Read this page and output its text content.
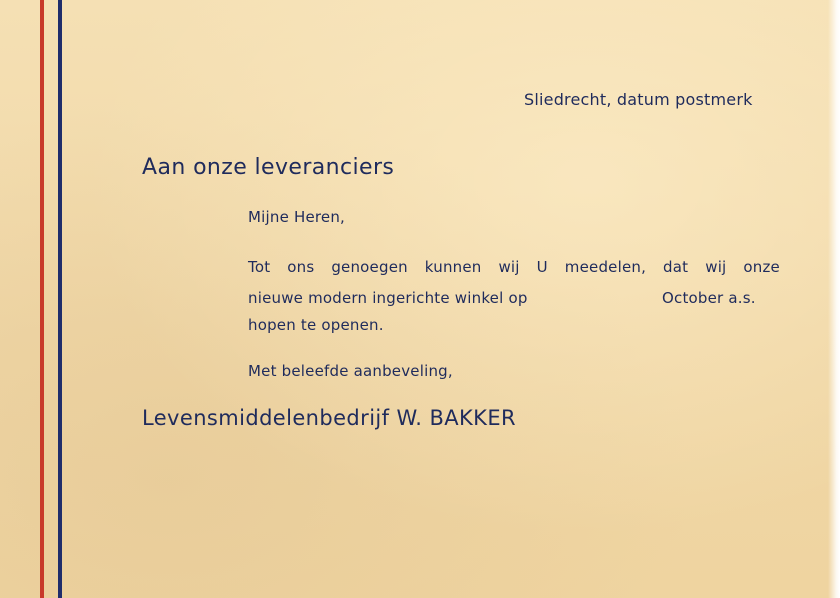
Sliedrecht, datum postmerk
Aan onze leveranciers
Mijne Heren,
Tot ons genoegen kunnen wij U meedelen, dat wij onze
nieuwe modern ingerichte winkel op	October a.s.
hopen te openen.
Met beleefde aanbeveling,
Levensmiddelenbedrijf W. BAKKER
